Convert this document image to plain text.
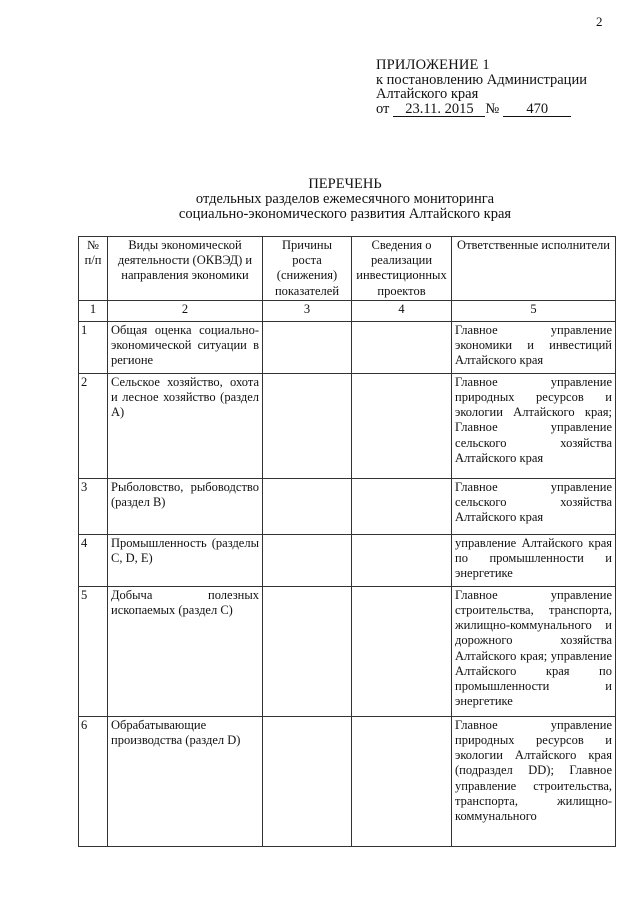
2
ПРИЛОЖЕНИЕ 1
к постановлению Администрации
Алтайского края
от	23.11. 2015 №	470
ПЕРЕЧЕНЬ
отдельных разделов ежемесячного мониторинга
социально-экономического развития Алтайского края
№ п/п	Виды экономической деятельности (ОКВЭД) и направления экономики	Причины роста (снижения) показателей	Сведения о реализации инвестиционных проектов	Ответственные исполнители
1	2	3	4	5
1	Общая оценка социально-экономической ситуации в регионе			Главное управление экономики и инвестиций Алтайского края
2	Сельское хозяйство, охота и лесное хозяйство (раздел А)			Главное управление природных ресурсов и экологии Алтайского края; Главное управление сельского хозяйства Алтайского края
3	Рыболовство, рыбоводство (раздел В)			Главное управление сельского хозяйства Алтайского края
4	Промышленность (разделы C, D, E)			управление Алтайского края по промышленности и энергетике
5	Добыча полезных ископаемых (раздел С)			Главное управление строительства, транспорта, жилищно-коммунального и дорожного хозяйства Алтайского края; управление Алтайского края по промышленности и энергетике
6	Обрабатывающие производства (раздел D)			Главное управление природных ресурсов и экологии Алтайского края (подраздел DD); Главное управление строительства, транспорта, жилищно-коммунального
